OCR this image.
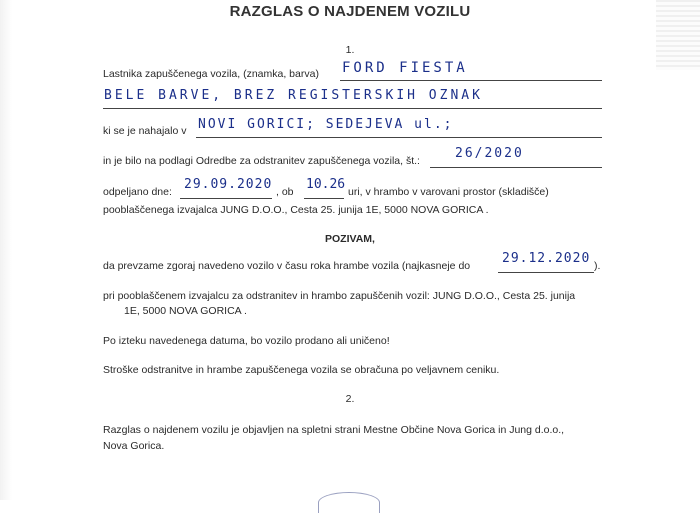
RAZGLAS O NAJDENEM VOZILU
1.
Lastnika zapuščenega vozila, (znamka, barva) FORD FIESTA
BELE BARVE, BREZ REGISTERSKIH OZNAK
ki se je nahajalo v NOVI GORICI; SEDEJEVA ul.;
in je bilo na podlagi Odredbe za odstranitev zapuščenega vozila, št.:	26/2020
odpeljano dne: 29.09.2020 , ob 10.26 uri, v hrambo v varovani prostor (skladišče)
pooblaščenega izvajalca JUNG D.O.O., Cesta 25. junija 1E, 5000 NOVA GORICA .
POZIVAM,
da prevzame zgoraj navedeno vozilo v času roka hrambe vozila (najkasneje do 29.12.2020 ).
pri pooblaščenem izvajalcu za odstranitev in hrambo zapuščenih vozil: JUNG D.O.O., Cesta 25. junija
1E, 5000 NOVA GORICA .
Po izteku navedenega datuma, bo vozilo prodano ali uničeno!
Stroške odstranitve in hrambe zapuščenega vozila se obračuna po veljavnem ceniku.
2.
Razglas o najdenem vozilu je objavljen na spletni strani Mestne Občine Nova Gorica in Jung d.o.o.,
Nova Gorica.
